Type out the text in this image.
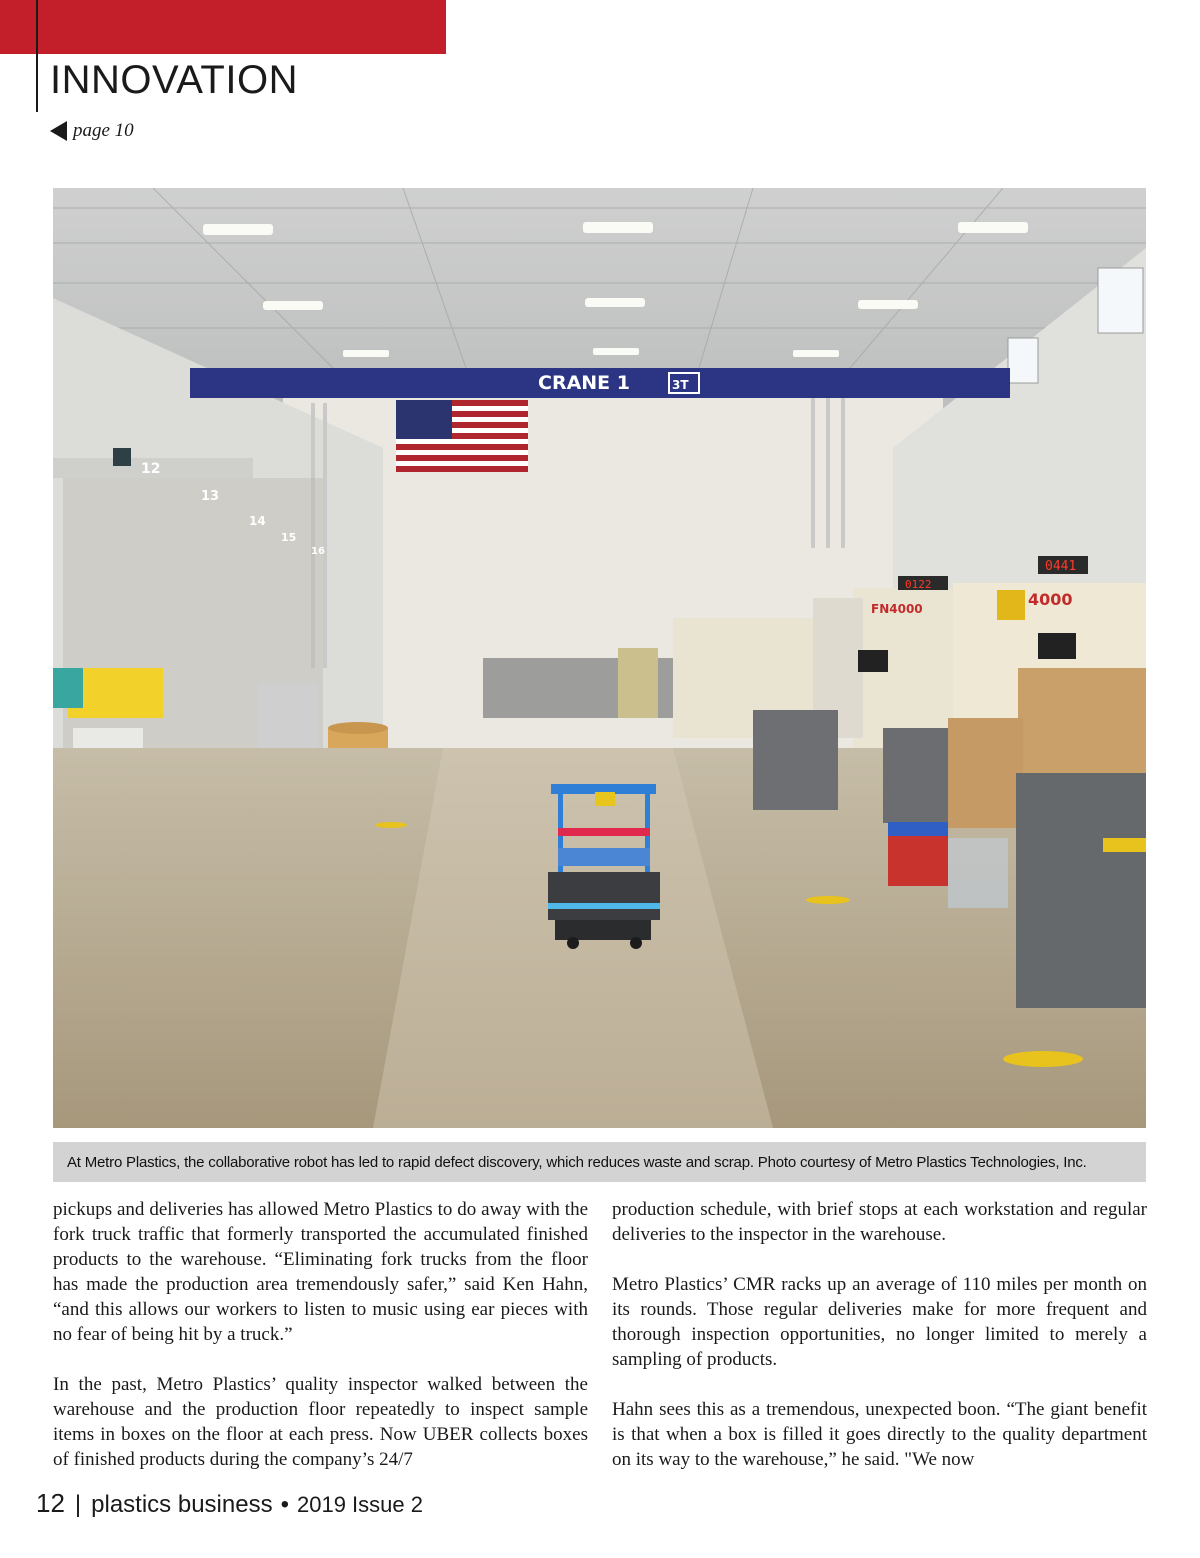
INNOVATION
page 10
CRANE 1	3T
12
13
14
15
16
0122
0441
FN4000	4000
At Metro Plastics, the collaborative robot has led to rapid defect discovery, which reduces waste and scrap. Photo courtesy of Metro Plastics Technologies, Inc.

pickups and deliveries has allowed Metro Plastics to do away with the fork truck traffic that formerly transported the accumulated finished products to the warehouse. “Eliminating fork trucks from the floor has made the production area tremendously safer,” said Ken Hahn, “and this allows our workers to listen to music using ear pieces with no fear of being hit by a truck.”

In the past, Metro Plastics’ quality inspector walked between the warehouse and the production floor repeatedly to inspect sample items in boxes on the floor at each press. Now UBER collects boxes of finished products during the company’s 24/7

production schedule, with brief stops at each workstation and regular deliveries to the inspector in the warehouse.

Metro Plastics’ CMR racks up an average of 110 miles per month on its rounds. Those regular deliveries make for more frequent and thorough inspection opportunities, no longer limited to merely a sampling of products.

Hahn sees this as a tremendous, unexpected boon. “The giant benefit is that when a box is filled it goes directly to the quality department on its way to the warehouse,” he said. "We now

12 | plastics business • 2019 Issue 2
